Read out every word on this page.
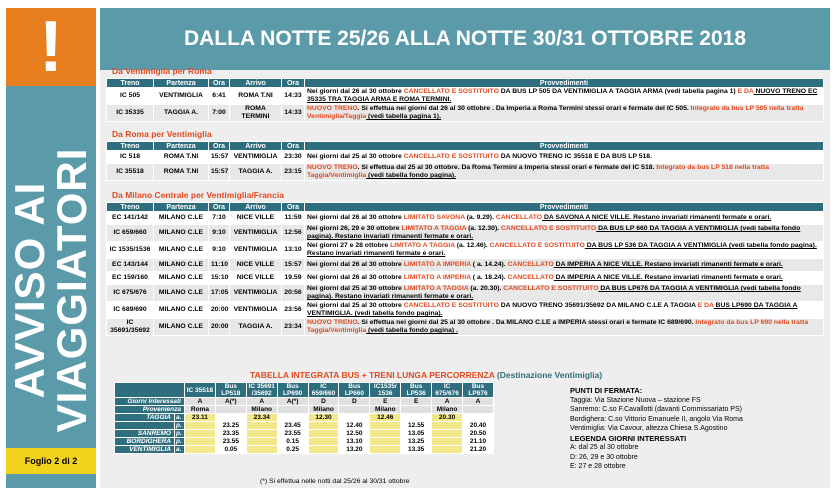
!
AVVISO AI VIAGGIATORI
Foglio 2 di 2
DALLA NOTTE 25/26 ALLA NOTTE 30/31 OTTOBRE 2018
TABELLA INTEGRATA BUS + TRENI LUNGA PERCORRENZA (Destinazione Ventimiglia)
		IC 35518	Bus LP518	IC 35691 /35692	Bus LP690	IC 659/660	Bus LP660	IC1535/ 1536	Bus LP536	IC 675/676	Bus LP676
Giorni Interessati		A	A(*)	A	A(*)	D	D	E	E	A	A
Provenienza		Roma		Milano		Milano		Milano		Milano	
TAGGIA	a.	23.11		23.34		12.30		12.46		20.30	
	p.		23.25		23.45		12.40		12.55		20.40
SANREMO	p.		23.35		23.55		12.50		13.05		20.50
BORDIGHERA	p.		23.55		0.15		13.10		13.25		21.10
VENTIMIGLIA	a.		0.05		0.25		13.20		13.35		21.20
(*) Si effettua nelle notti dal 25/26 al 30/31 ottobre
PUNTI DI FERMATA:
Taggia: Via Stazione Nuova – stazione FS
Sanremo: C.so F.Cavallotti (davanti Commissariato PS)
Bordighera: C.so Vittorio Emanuele II, angolo Via Roma
Ventimiglia: Via Cavour, altezza Chiesa S.Agostino
LEGENDA GIORNI INTERESSATI
A: dal 25 al 30 ottobre
D: 26, 29 e 30 ottobre
E: 27 e 28 ottobre
Da Ventimiglia per Roma
Treno	Partenza	Ora	Arrivo	Ora	Provvedimenti
IC 505	VENTIMIGLIA	6:41	ROMA T.NI	14:33	Nei giorni dal 26 al 30 ottobre CANCELLATO E SOSTITUITO DA BUS LP 505 DA VENTIMIGLIA A TAGGIA ARMA (vedi tabella pagina 1) E DA NUOVO TRENO EC 35335 TRA TAGGIA ARMA E ROMA TERMINI.
IC 35335	TAGGIA A.	7:00	ROMA TERMINI	14:33	NUOVO TRENO. Si effettua nei giorni dal 26 al 30 ottobre . Da Imperia a Roma Termini stessi orari e fermate del IC 505. Integrato da bus LP 505 nella tratta Ventimiglia/Taggia (vedi tabella pagina 1).
Da Roma per Ventimiglia
Treno	Partenza	Ora	Arrivo	Ora	Provvedimenti
IC 518	ROMA T.NI	15:57	VENTIMIGLIA	23:30	Nei giorni dal 25 al 30 ottobre CANCELLATO E SOSTITUITO DA NUOVO TRENO IC 35518 E DA BUS LP 518.
IC 35518	ROMA T.NI	15:57	TAGGIA A.	23:15	NUOVO TRENO. Si effettua dal 25 al 30 ottobre. Da Roma Termini a Imperia stessi orari e fermate del IC 518. Integrato da bus LP 518 nella tratta Taggia/Ventimiglia (vedi tabella fondo pagina).
Da Milano Centrale per Ventimiglia/Francia
Treno	Partenza	Ora	Arrivo	Ora	Provvedimenti
EC 141/142	MILANO C.LE	7:10	NICE VILLE	11:59	Nei giorni dal 26 al 30 ottobre LIMITATO SAVONA (a. 9.29). CANCELLATO DA SAVONA A NICE VILLE. Restano invariati rimanenti fermate e orari.
IC 659/660	MILANO C.LE	9:10	VENTIMIGLIA	12:56	Nei giorni 26, 29 e 30 ottobre LIMITATO A TAGGIA (a. 12.30). CANCELLATO E SOSTITUITO DA BUS LP 660 DA TAGGIA A VENTIMIGLIA (vedi tabella fondo pagina). Restano invariati rimanenti fermate e orari.
IC 1535/1536	MILANO C.LE	9:10	VENTIMIGLIA	13:10	Nei giorni 27 e 28 ottobre LIMITATO A TAGGIA (a. 12.46). CANCELLATO E SOSTITUITO DA BUS LP 536 DA TAGGIA A VENTIMIGLIA (vedi tabella fondo pagina). Restano invariati rimanenti fermate e orari.
EC 143/144	MILANO C.LE	11:10	NICE VILLE	15:57	Nei giorni dal 26 al 30 ottobre LIMITATO A IMPERIA ( a. 14.24). CANCELLATO DA IMPERIA A NICE VILLE. Restano invariati rimanenti fermate e orari.
EC 159/160	MILANO C.LE	15:10	NICE VILLE	19.59	Nei giorni dal 26 al 30 ottobre LIMITATO A IMPERIA ( a. 18.24). CANCELLATO DA IMPERIA A NICE VILLE. Restano invariati rimanenti fermate e orari.
IC 675/676	MILANO C.LE	17:05	VENTIMIGLIA	20:56	Nei giorni dal 25 al 30 ottobre LIMITATO A TAGGIA (a. 20.30). CANCELLATO E SOSTITUITO DA BUS LP676 DA TAGGIA A VENTIMIGLIA (vedi tabella fondo pagina). Restano invariati rimanenti fermate e orari.
IC 689/690	MILANO C.LE	20:00	VENTIMIGLIA	23:56	Nei giorni dal 25 al 30 ottobre CANCELLATO E SOSTITUITO DA NUOVO TRENO 35691/35692 DA MILANO C.LE A TAGGIA E DA BUS LP690 DA TAGGIA A VENTIMIGLIA. (vedi tabella fondo pagina).
IC 35691/35692	MILANO C.LE	20:00	TAGGIA A.	23:34	NUOVO TRENO. Si effettua nei giorni dal 25 al 30 ottobre . Da MILANO C.LE a IMPERIA stessi orari e fermate IC 689/690. Integrato da bus LP 690 nella tratta Taggia/Ventimiglia (vedi tabella fondo pagina) .
